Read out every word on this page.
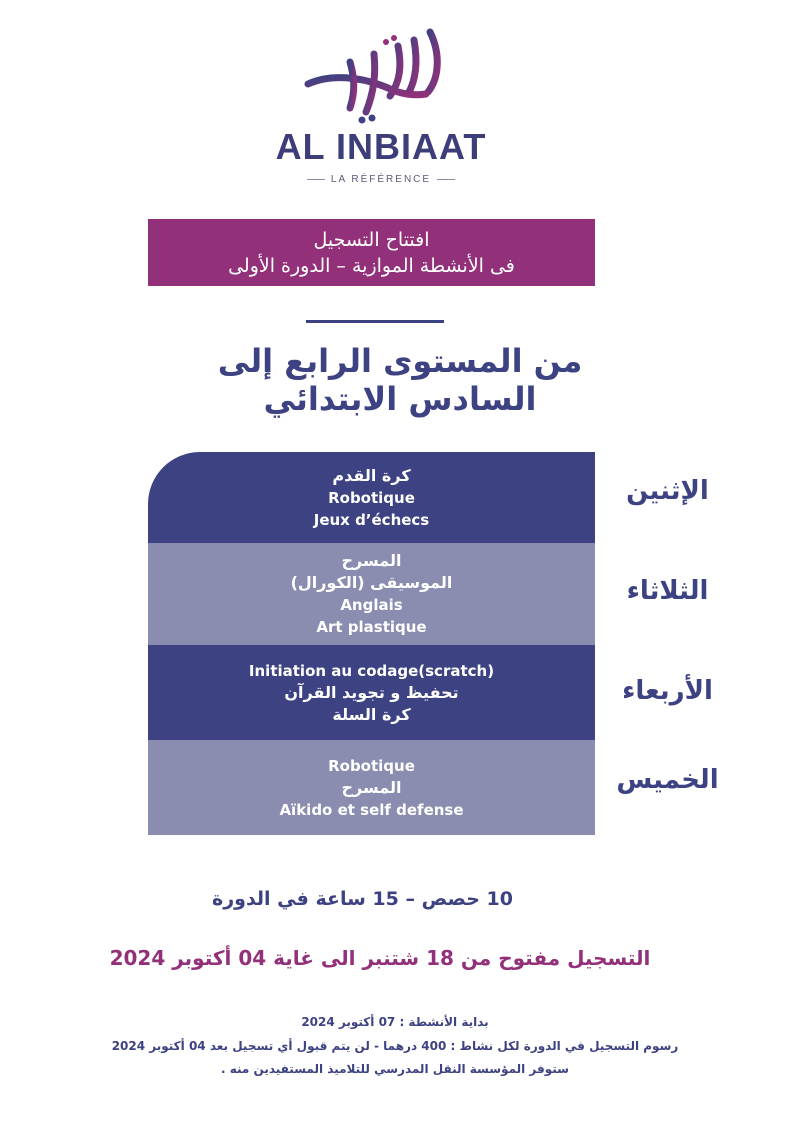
AL INBIAAT
LA RÉFÉRENCE
افتتاح التسجيل
فى الأنشطة الموازية – الدورة الأولى
من المستوى الرابع إلى
السادس الابتدائي
كرة القدم
Robotique
Jeux d’échecs
الإثنين
المسرح
الموسيقى (الكورال)
Anglais
Art plastique
الثلاثاء
Initiation au codage(scratch)
تحفيظ و تجويد القرآن
كرة السلة
الأربعاء
Robotique
المسرح
Aïkido et self defense
الخميس
10 حصص – 15 ساعة في الدورة
التسجيل مفتوح من 18 شتنبر الى غاية 04 أكتوبر 2024
بداية الأنشطة : 07 أكتوبر 2024
رسوم التسجيل في الدورة لكل نشاط : 400 درهما - لن يتم قبول أي تسجيل بعد 04 أكتوبر 2024
ستوفر المؤسسة النقل المدرسي للتلاميذ المستفيدين منه .
